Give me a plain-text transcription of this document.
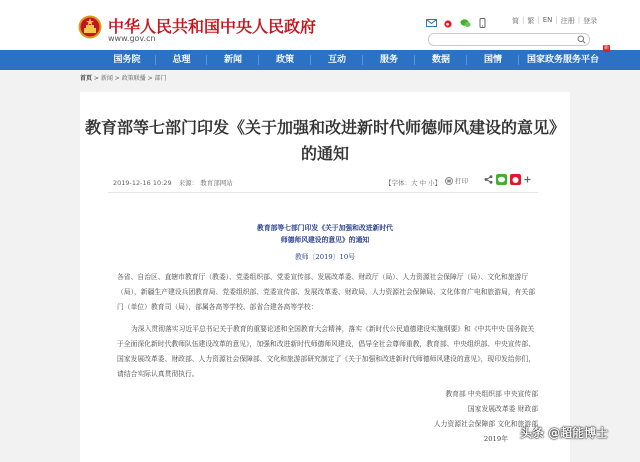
中华人民共和国中央人民政府
www.gov.cn
简 | 繁 | EN | 注册 | 登录
国务院	总理	新闻	政策	互动	服务	数据	国情	国家政务服务平台
新
首页 > 新闻 > 政策联播 > 部门
教育部等七部门印发《关于加强和改进新时代师德师风建设的意见》的通知
2019-12-16 10:29 来源： 教育部网站	【字体：大 中 小】 打印
教育部等七部门印发《关于加强和改进新时代
师德师风建设的意见》的通知
教师〔2019〕10号
各省、自治区、直辖市教育厅（教委）、党委组织部、党委宣传部、发展改革委、财政厅（局）、人力资源社会保障厅（局）、文化和旅游厅（局），新疆生产建设兵团教育局、党委组织部、党委宣传部、发展改革委、财政局、人力资源社会保障局、文化体育广电和旅游局，有关部门（单位）教育司（局），部属各高等学校、部省合建各高等学校：
为深入贯彻落实习近平总书记关于教育的重要论述和全国教育大会精神，落实《新时代公民道德建设实施纲要》和《中共中央 国务院关于全面深化新时代教师队伍建设改革的意见》，加强和改进新时代师德师风建设，倡导全社会尊师重教，教育部、中央组织部、中央宣传部、国家发展改革委、财政部、人力资源社会保障部、文化和旅游部研究制定了《关于加强和改进新时代师德师风建设的意见》，现印发给你们，请结合实际认真贯彻执行。
教育部 中央组织部 中央宣传部
国家发展改革委 财政部
人力资源社会保障部 文化和旅游部
2019年 头条 @超能博士
